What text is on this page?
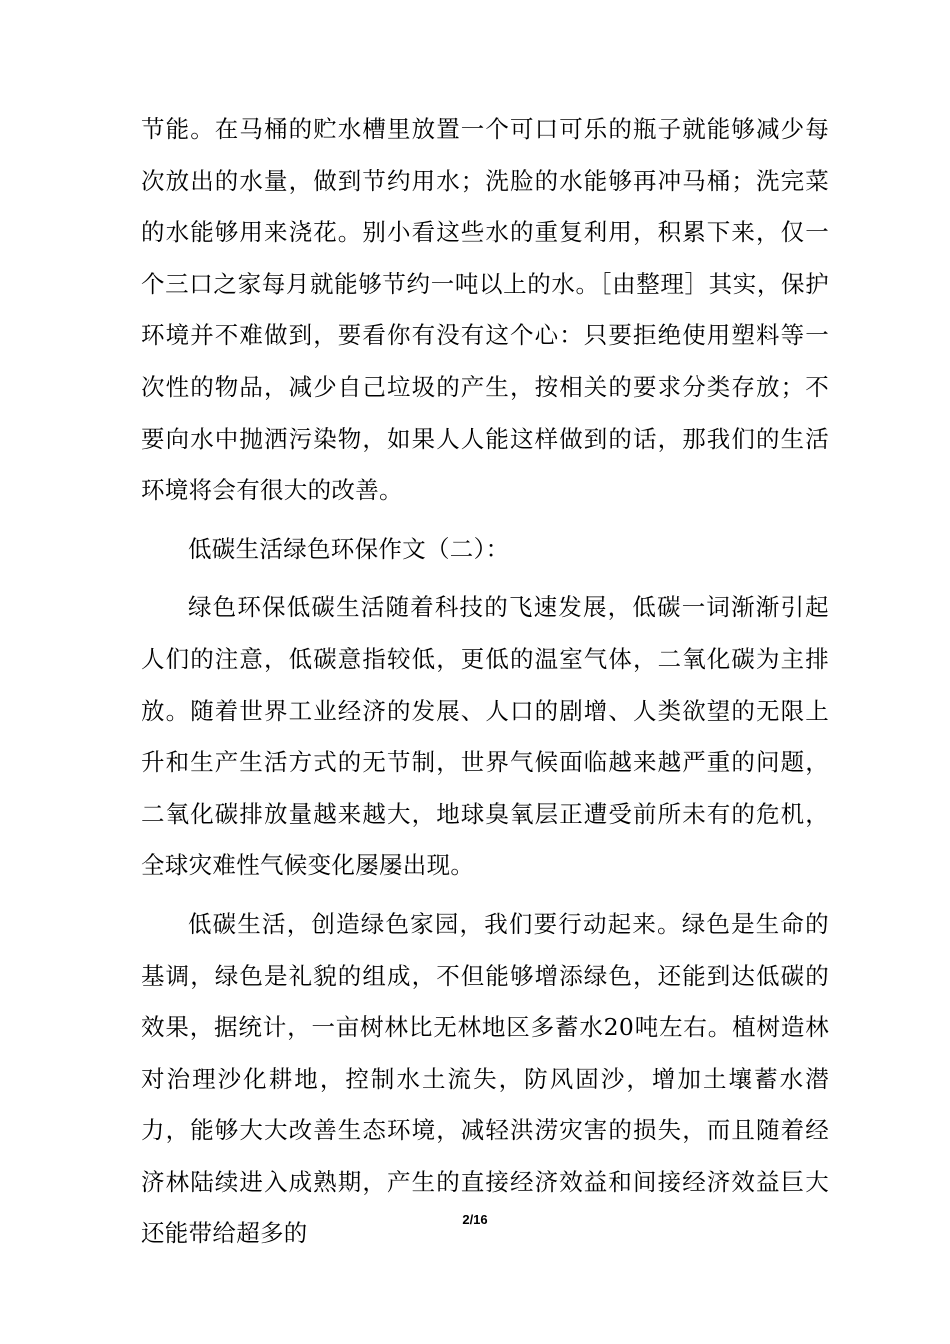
节能。在马桶的贮水槽里放置一个可口可乐的瓶子就能够减少每次放出的水量，做到节约用水；洗脸的水能够再冲马桶；洗完菜的水能够用来浇花。别小看这些水的重复利用，积累下来，仅一个三口之家每月就能够节约一吨以上的水。［由整理］其实，保护环境并不难做到，要看你有没有这个心：只要拒绝使用塑料等一次性的物品，减少自己垃圾的产生，按相关的要求分类存放；不要向水中抛洒污染物，如果人人能这样做到的话，那我们的生活环境将会有很大的改善。

低碳生活绿色环保作文（二）：

绿色环保低碳生活随着科技的飞速发展，低碳一词渐渐引起人们的注意，低碳意指较低，更低的温室气体，二氧化碳为主排放。随着世界工业经济的发展、人口的剧增、人类欲望的无限上升和生产生活方式的无节制，世界气候面临越来越严重的问题，二氧化碳排放量越来越大，地球臭氧层正遭受前所未有的危机，全球灾难性气候变化屡屡出现。

低碳生活，创造绿色家园，我们要行动起来。绿色是生命的基调，绿色是礼貌的组成，不但能够增添绿色，还能到达低碳的效果，据统计，一亩树林比无林地区多蓄水20吨左右。植树造林对治理沙化耕地，控制水土流失，防风固沙，增加土壤蓄水潜力，能够大大改善生态环境，减轻洪涝灾害的损失，而且随着经济林陆续进入成熟期，产生的直接经济效益和间接经济效益巨大还能带给超多的	2/16
